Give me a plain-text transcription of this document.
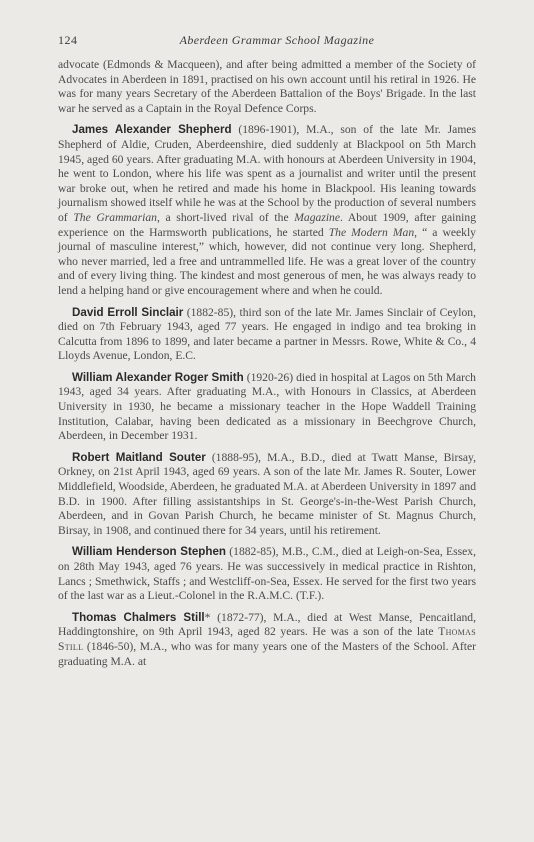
124	Aberdeen Grammar School Magazine

advocate (Edmonds & Macqueen), and after being admitted a member of the Society of Advocates in Aberdeen in 1891, practised on his own account until his retiral in 1926. He was for many years Secretary of the Aberdeen Battalion of the Boys' Brigade. In the last war he served as a Captain in the Royal Defence Corps.

James Alexander Shepherd (1896-1901), M.A., son of the late Mr. James Shepherd of Aldie, Cruden, Aberdeenshire, died suddenly at Blackpool on 5th March 1945, aged 60 years. After graduating M.A. with honours at Aberdeen University in 1904, he went to London, where his life was spent as a journalist and writer until the present war broke out, when he retired and made his home in Blackpool. His leaning towards journalism showed itself while he was at the School by the production of several numbers of The Grammarian, a short-lived rival of the Magazine. About 1909, after gaining experience on the Harmsworth publications, he started The Modern Man, “ a weekly journal of masculine interest,” which, however, did not continue very long. Shepherd, who never married, led a free and untrammelled life. He was a great lover of the country and of every living thing. The kindest and most generous of men, he was always ready to lend a helping hand or give encouragement where and when he could.

David Erroll Sinclair (1882-85), third son of the late Mr. James Sinclair of Ceylon, died on 7th February 1943, aged 77 years. He engaged in indigo and tea broking in Calcutta from 1896 to 1899, and later became a partner in Messrs. Rowe, White & Co., 4 Lloyds Avenue, London, E.C.

William Alexander Roger Smith (1920-26) died in hospital at Lagos on 5th March 1943, aged 34 years. After graduating M.A., with Honours in Classics, at Aberdeen University in 1930, he became a missionary teacher in the Hope Waddell Training Institution, Calabar, having been dedicated as a missionary in Beechgrove Church, Aberdeen, in December 1931.

Robert Maitland Souter (1888-95), M.A., B.D., died at Twatt Manse, Birsay, Orkney, on 21st April 1943, aged 69 years. A son of the late Mr. James R. Souter, Lower Middlefield, Woodside, Aberdeen, he graduated M.A. at Aberdeen University in 1897 and B.D. in 1900. After filling assistantships in St. George's-in-the-West Parish Church, Aberdeen, and in Govan Parish Church, he became minister of St. Magnus Church, Birsay, in 1908, and continued there for 34 years, until his retirement.

William Henderson Stephen (1882-85), M.B., C.M., died at Leigh-on-Sea, Essex, on 28th May 1943, aged 76 years. He was successively in medical practice in Rishton, Lancs ; Smethwick, Staffs ; and Westcliff-on-Sea, Essex. He served for the first two years of the last war as a Lieut.-Colonel in the R.A.M.C. (T.F.).

Thomas Chalmers Still* (1872-77), M.A., died at West Manse, Pencaitland, Haddingtonshire, on 9th April 1943, aged 82 years. He was a son of the late Thomas Still (1846-50), M.A., who was for many years one of the Masters of the School. After graduating M.A. at
